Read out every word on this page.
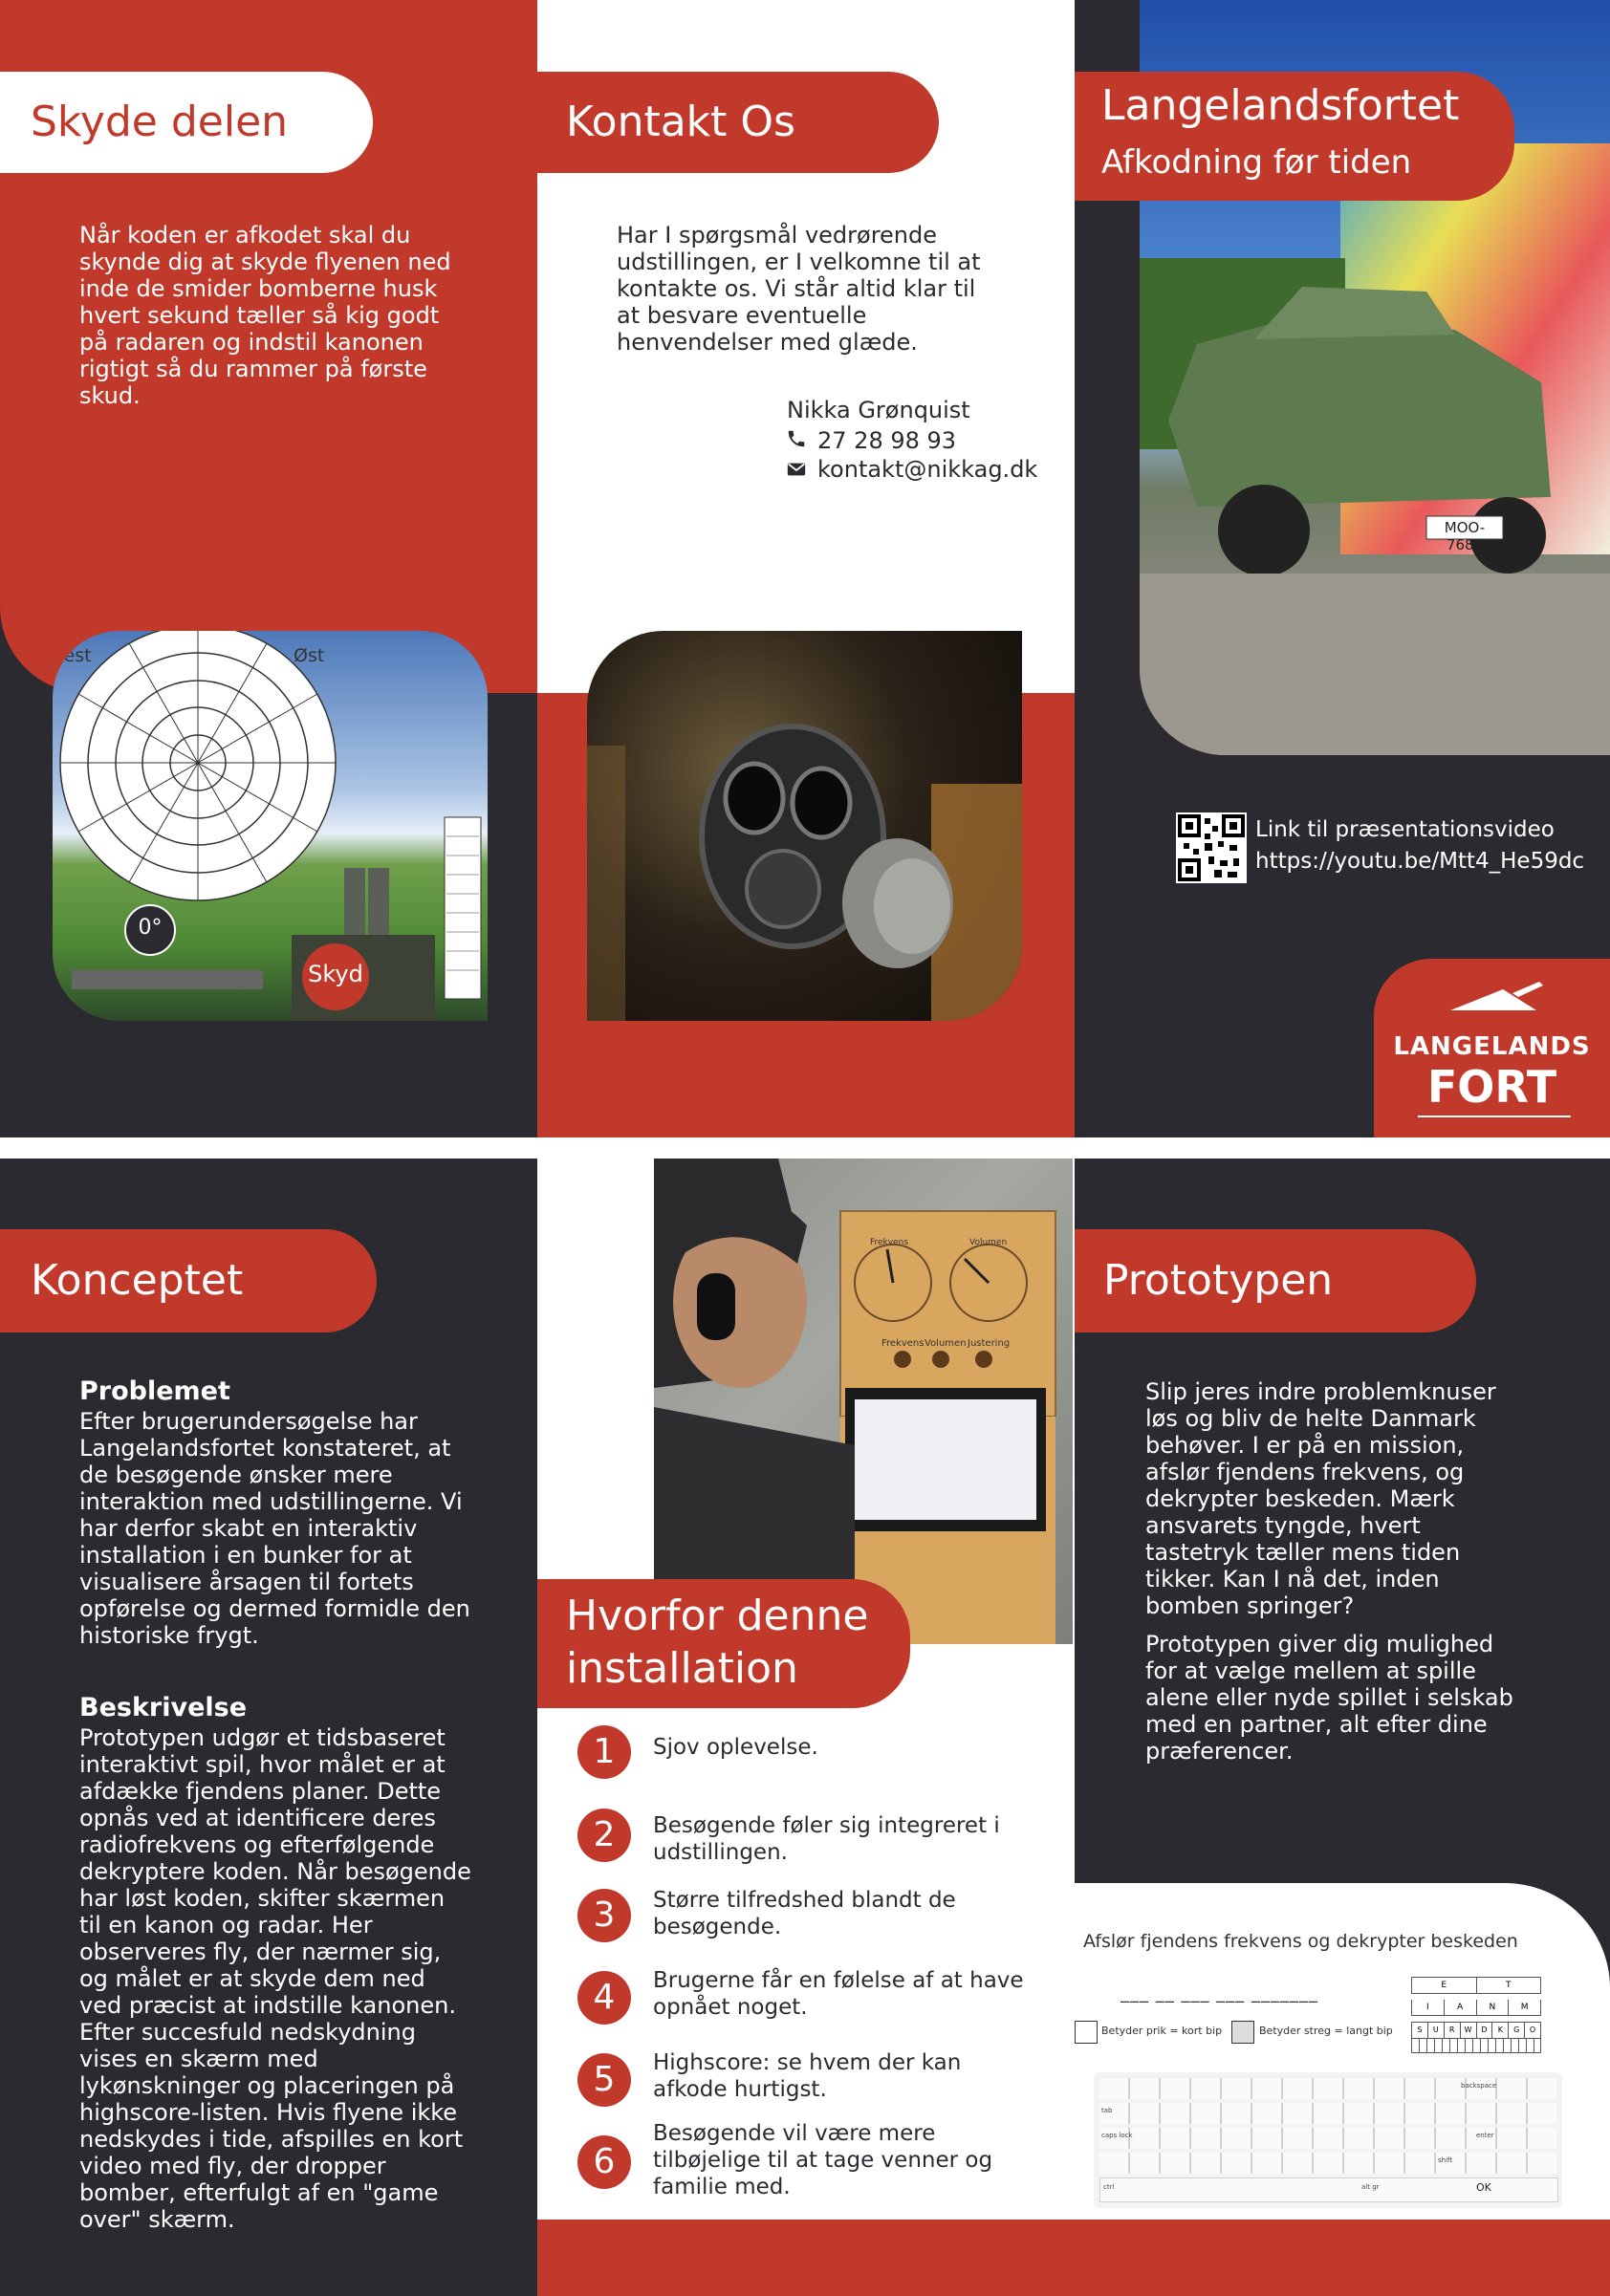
Skyde delen
Når koden er afkodet skal du skynde dig at skyde flyenen ned inde de smider bomberne husk hvert sekund tæller så kig godt på radaren og indstil kanonen rigtigt så du rammer på første skud.
Vest	Øst
0°
Skyd
Kontakt Os
Har I spørgsmål vedrørende udstillingen, er I velkomne til at kontakte os. Vi står altid klar til at besvare eventuelle henvendelser med glæde.
Nikka Grønquist
27 28 98 93
kontakt@nikkag.dk
MOO-7685
Langelandsfortet
Afkodning før tiden
Link til præsentationsvideo
https://youtu.be/Mtt4_He59dc
LANGELANDS
FORT
Konceptet
Problemet
Efter brugerundersøgelse har Langelandsfortet konstateret, at de besøgende ønsker mere interaktion med udstillingerne. Vi har derfor skabt en interaktiv installation i en bunker for at visualisere årsagen til fortets opførelse og dermed formidle den historiske frygt.
Beskrivelse
Prototypen udgør et tidsbaseret interaktivt spil, hvor målet er at afdække fjendens planer. Dette opnås ved at identificere deres radiofrekvens og efterfølgende dekryptere koden. Når besøgende har løst koden, skifter skærmen til en kanon og radar. Her observeres fly, der nærmer sig, og målet er at skyde dem ned ved præcist at indstille kanonen. Efter succesfuld nedskydning vises en skærm med lykønskninger og placeringen på highscore-listen. Hvis flyene ikke nedskydes i tide, afspilles en kort video med fly, der dropper bomber, efterfulgt af en "game over" skærm.
Frekvens	Volumen
Frekvens Volumen Justering
Hvorfor denne
installation
1	Sjov oplevelse.
2	Besøgende føler sig integreret i udstillingen.
3	Større tilfredshed blandt de besøgende.
4	Brugerne får en følelse af at have opnået noget.
5	Highscore: se hvem der kan afkode hurtigst.
6
Besøgende vil være mere tilbøjelige til at tage venner og familie med.
Prototypen
Slip jeres indre problemknuser løs og bliv de helte Danmark behøver. I er på en mission, afslør fjendens frekvens, og dekrypter beskeden. Mærk ansvarets tyngde, hvert tastetryk tæller mens tiden tikker. Kan I nå det, inden bomben springer?
Prototypen giver dig mulighed for at vælge mellem at spille alene eller nyde spillet i selskab med en partner, alt efter dine præferencer.
Afslør fjendens frekvens og dekrypter beskeden
___ __ ___ ___ _______
Betyder prik = kort bip	Betyder streg = langt bip
E	T
I	A	N	M
S	U	R	W	D	K	G	O
backspace
tab
caps lock	enter
shift
ctrl	alt gr	OK
